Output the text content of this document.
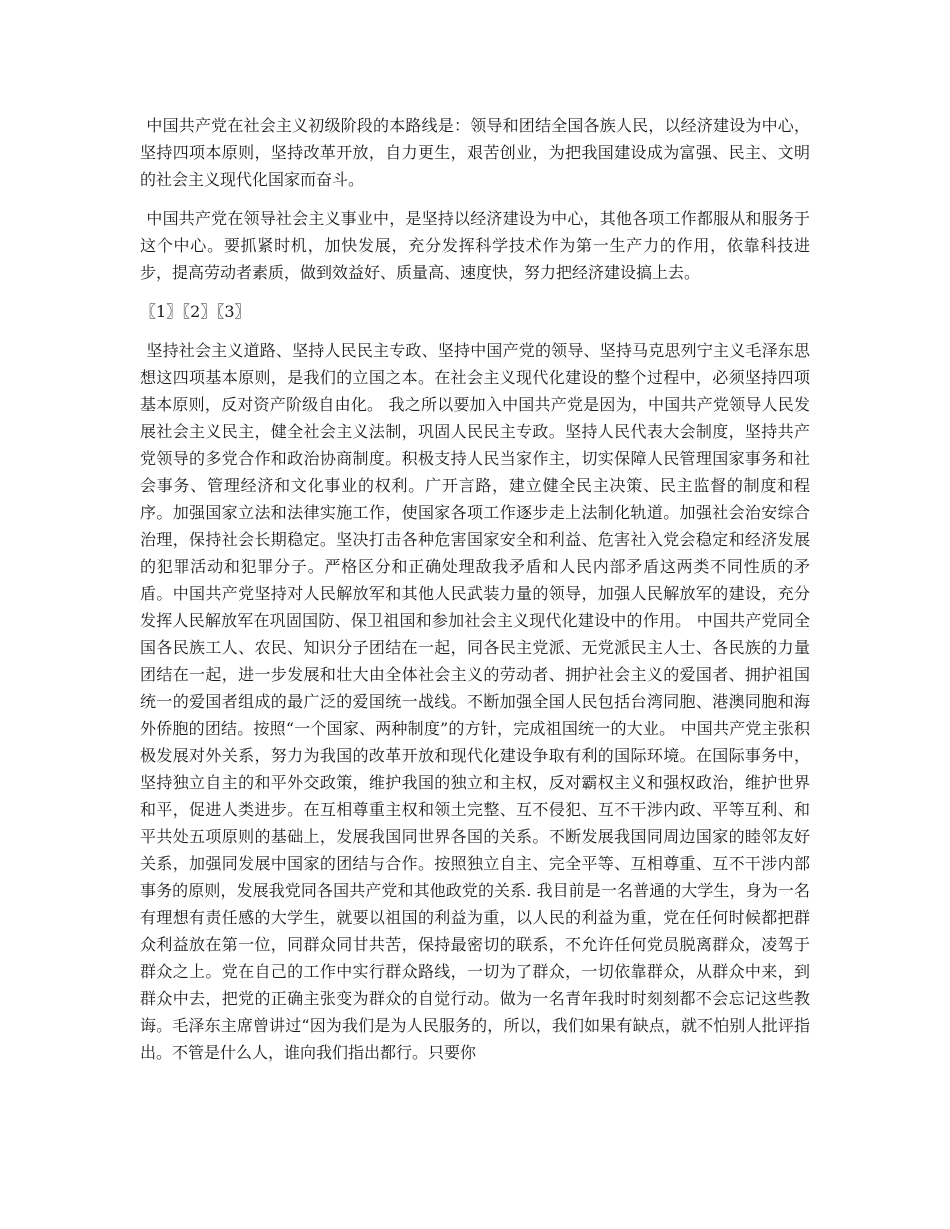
中国共产党在社会主义初级阶段的本路线是：领导和团结全国各族人民，以经济建设为中心，坚持四项本原则，坚持改革开放，自力更生，艰苦创业，为把我国建设成为富强、民主、文明的社会主义现代化国家而奋斗。

中国共产党在领导社会主义事业中，是坚持以经济建设为中心，其他各项工作都服从和服务于这个中心。要抓紧时机，加快发展，充分发挥科学技术作为第一生产力的作用，依靠科技进步，提高劳动者素质，做到效益好、质量高、速度快，努力把经济建设搞上去。

〖1〗〖2〗〖3〗

坚持社会主义道路、坚持人民民主专政、坚持中国产党的领导、坚持马克思列宁主义毛泽东思想这四项基本原则，是我们的立国之本。在社会主义现代化建设的整个过程中，必须坚持四项基本原则，反对资产阶级自由化。 我之所以要加入中国共产党是因为，中国共产党领导人民发展社会主义民主，健全社会主义法制，巩固人民民主专政。坚持人民代表大会制度，坚持共产党领导的多党合作和政治协商制度。积极支持人民当家作主，切实保障人民管理国家事务和社会事务、管理经济和文化事业的权利。广开言路，建立健全民主决策、民主监督的制度和程序。加强国家立法和法律实施工作，使国家各项工作逐步走上法制化轨道。加强社会治安综合治理，保持社会长期稳定。坚决打击各种危害国家安全和利益、危害社入党会稳定和经济发展的犯罪活动和犯罪分子。严格区分和正确处理敌我矛盾和人民内部矛盾这两类不同性质的矛盾。中国共产党坚持对人民解放军和其他人民武装力量的领导，加强人民解放军的建设，充分发挥人民解放军在巩固国防、保卫祖国和参加社会主义现代化建设中的作用。 中国共产党同全国各民族工人、农民、知识分子团结在一起，同各民主党派、无党派民主人士、各民族的力量团结在一起，进一步发展和壮大由全体社会主义的劳动者、拥护社会主义的爱国者、拥护祖国统一的爱国者组成的最广泛的爱国统一战线。不断加强全国人民包括台湾同胞、港澳同胞和海外侨胞的团结。按照“一个国家、两种制度”的方针，完成祖国统一的大业。 中国共产党主张积极发展对外关系，努力为我国的改革开放和现代化建设争取有利的国际环境。在国际事务中，坚持独立自主的和平外交政策，维护我国的独立和主权，反对霸权主义和强权政治，维护世界和平，促进人类进步。在互相尊重主权和领土完整、互不侵犯、互不干涉内政、平等互利、和平共处五项原则的基础上，发展我国同世界各国的关系。不断发展我国同周边国家的睦邻友好关系，加强同发展中国家的团结与合作。按照独立自主、完全平等、互相尊重、互不干涉内部事务的原则，发展我党同各国共产党和其他政党的关系. 我目前是一名普通的大学生，身为一名有理想有责任感的大学生，就要以祖国的利益为重，以人民的利益为重，党在任何时候都把群众利益放在第一位，同群众同甘共苦，保持最密切的联系，不允许任何党员脱离群众，凌驾于群众之上。党在自己的工作中实行群众路线，一切为了群众，一切依靠群众，从群众中来，到群众中去，把党的正确主张变为群众的自觉行动。做为一名青年我时时刻刻都不会忘记这些教诲。毛泽东主席曾讲过“因为我们是为人民服务的，所以，我们如果有缺点，就不怕别人批评指出。不管是什么人，谁向我们指出都行。只要你
